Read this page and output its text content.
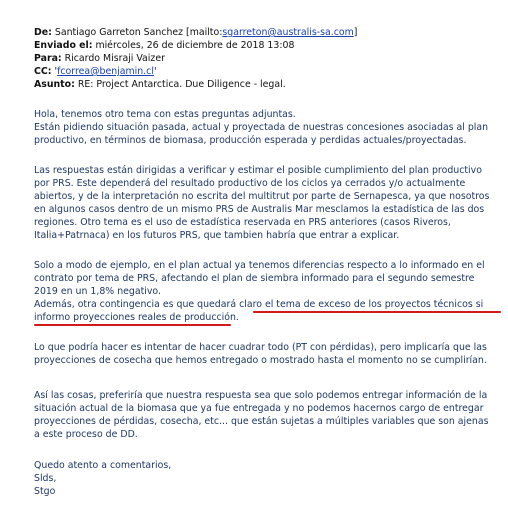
De: Santiago Garreton Sanchez [mailto:sgarreton@australis-sa.com]
Enviado el: miércoles, 26 de diciembre de 2018 13:08
Para: Ricardo Misraji Vaizer
CC: 'fcorrea@benjamin.cl'
Asunto: RE: Project Antarctica. Due Diligence - legal.
Hola, tenemos otro tema con estas preguntas adjuntas.
Están pidiendo situación pasada, actual y proyectada de nuestras concesiones asociadas al plan
productivo, en términos de biomasa, producción esperada y perdidas actuales/proyectadas.
Las respuestas están dirigidas a verificar y estimar el posible cumplimiento del plan productivo
por PRS. Este dependerá del resultado productivo de los ciclos ya cerrados y/o actualmente
abiertos, y de la interpretación no escrita del multitrut por parte de Sernapesca, ya que nosotros
en algunos casos dentro de un mismo PRS de Australis Mar mesclamos la estadística de las dos
regiones. Otro tema es el uso de estadística reservada en PRS anteriores (casos Riveros,
Italia+Patrnaca) en los futuros PRS, que tambien habría que entrar a explicar.
Solo a modo de ejemplo, en el plan actual ya tenemos diferencias respecto a lo informado en el
contrato por tema de PRS, afectando el plan de siembra informado para el segundo semestre
2019 en un 1,8% negativo.
Además, otra contingencia es que quedará claro el tema de exceso de los proyectos técnicos si
informo proyecciones reales de producción.
Lo que podría hacer es intentar de hacer cuadrar todo (PT con pérdidas), pero implicaría que las
proyecciones de cosecha que hemos entregado o mostrado hasta el momento no se cumplirían.
Así las cosas, preferiría que nuestra respuesta sea que solo podemos entregar información de la
situación actual de la biomasa que ya fue entregada y no podemos hacernos cargo de entregar
proyecciones de pérdidas, cosecha, etc... que están sujetas a múltiples variables que son ajenas
a este proceso de DD.
Quedo atento a comentarios,
Slds,
Stgo
